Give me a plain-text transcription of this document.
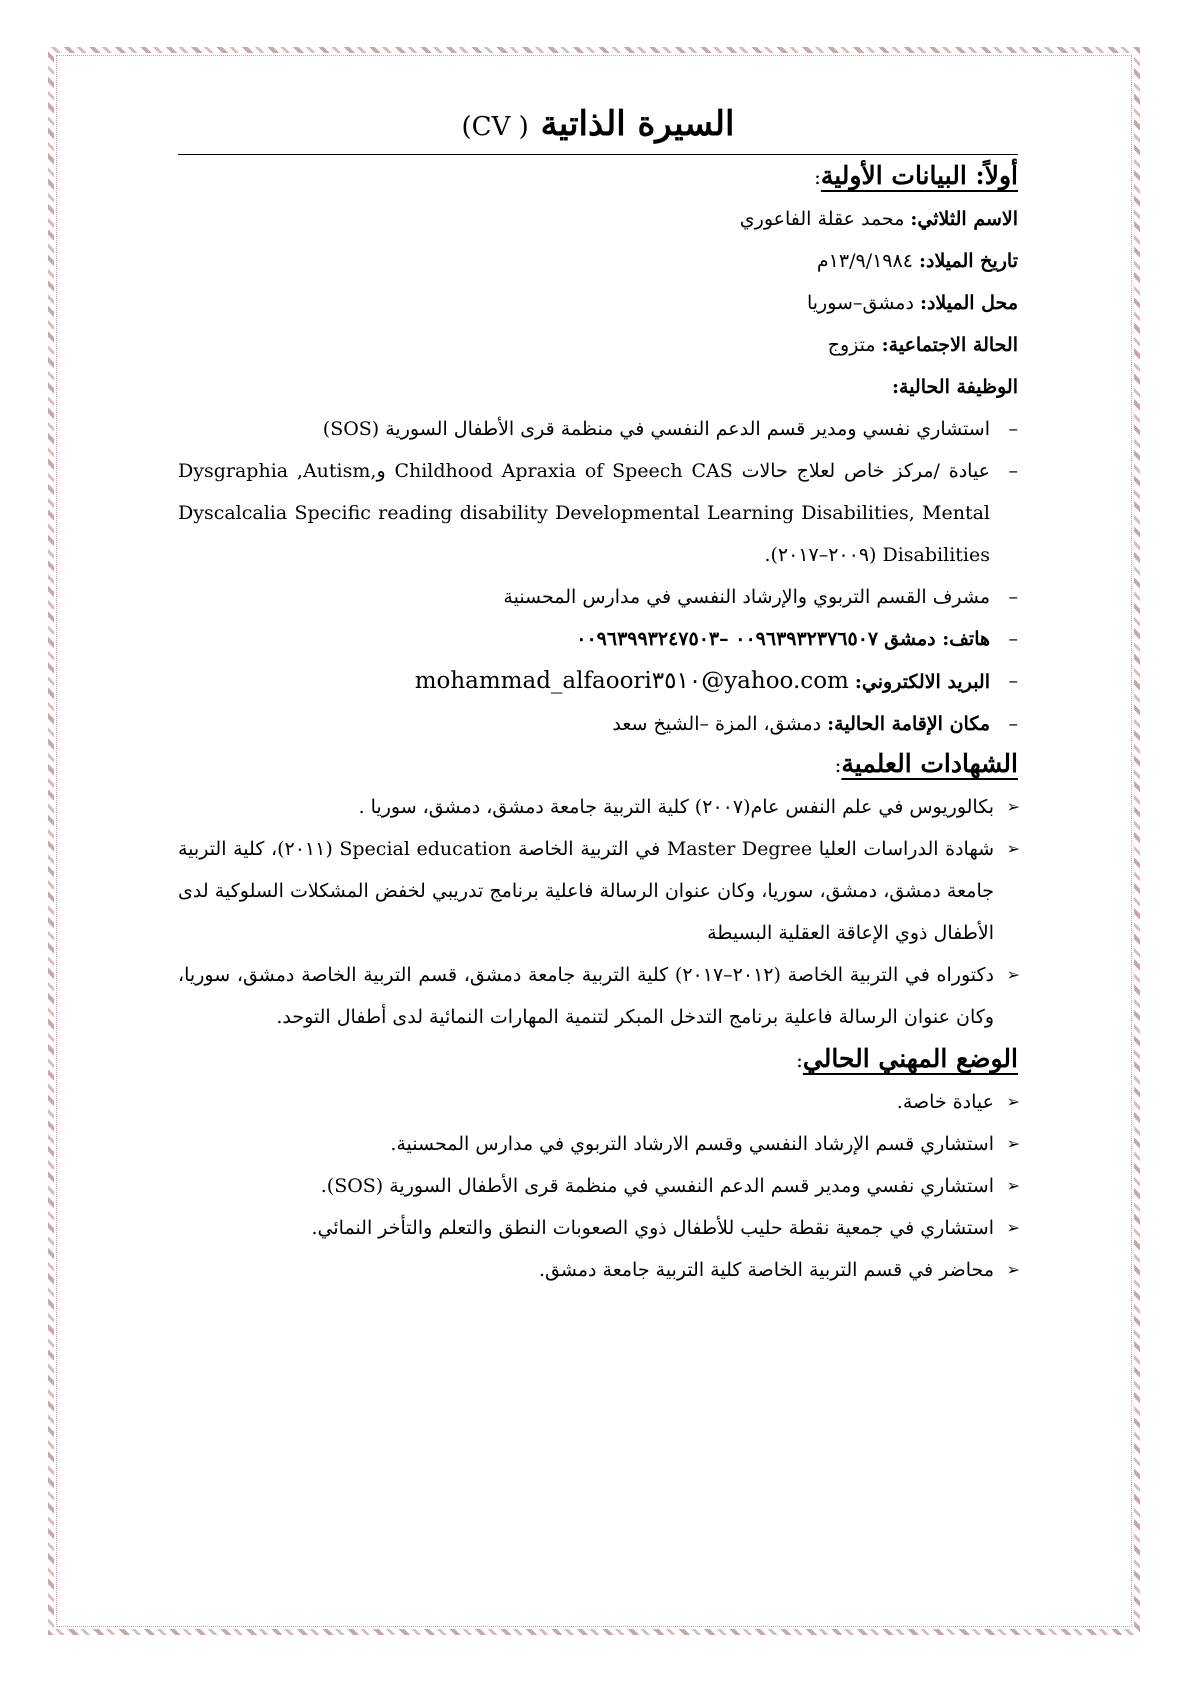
السيرة الذاتية ( CV)
أولاً: البيانات الأولية:

الاسم الثلاثي: محمد عقلة الفاعوري

تاريخ الميلاد: ١٣/٩/١٩٨٤م

محل الميلاد: دمشق–سوريا

الحالة الاجتماعية: متزوج

الوظيفة الحالية:

– استشاري نفسي ومدير قسم الدعم النفسي في منظمة قرى الأطفال السورية (SOS)
– عيادة /مركز خاص لعلاج حالات Childhood Apraxia of Speech CAS وDysgraphia ,Autism, Dyscalcalia Specific reading disability Developmental Learning Disabilities, Mental Disabilities (٢٠٠٩–٢٠١٧).
– مشرف القسم التربوي والإرشاد النفسي في مدارس المحسنية
– هاتف: دمشق ٠٠٩٦٣٩٣٢٣٧٦٥٠٧ –٠٠٩٦٣٩٩٣٢٤٧٥٠٣
– البريد الالكتروني: mohammad_alfaoori٣٥١٠@yahoo.com
– مكان الإقامة الحالية: دمشق، المزة –الشيخ سعد
الشهادات العلمية:
➢ بكالوريوس في علم النفس عام(٢٠٠٧) كلية التربية جامعة دمشق، دمشق، سوريا .
➢ شهادة الدراسات العليا Master Degree في التربية الخاصة Special education (٢٠١١)، كلية التربية جامعة دمشق، دمشق، سوريا، وكان عنوان الرسالة فاعلية برنامج تدريبي لخفض المشكلات السلوكية لدى الأطفال ذوي الإعاقة العقلية البسيطة
➢ دكتوراه في التربية الخاصة (٢٠١٢–٢٠١٧) كلية التربية جامعة دمشق، قسم التربية الخاصة دمشق، سوريا، وكان عنوان الرسالة فاعلية برنامج التدخل المبكر لتنمية المهارات النمائية لدى أطفال التوحد.
الوضع المهني الحالي:
➢ عيادة خاصة.
➢ استشاري قسم الإرشاد النفسي وقسم الارشاد التربوي في مدارس المحسنية.
➢ استشاري نفسي ومدير قسم الدعم النفسي في منظمة قرى الأطفال السورية (SOS).
➢ استشاري في جمعية نقطة حليب للأطفال ذوي الصعوبات النطق والتعلم والتأخر النمائي.
➢ محاضر في قسم التربية الخاصة كلية التربية جامعة دمشق.
